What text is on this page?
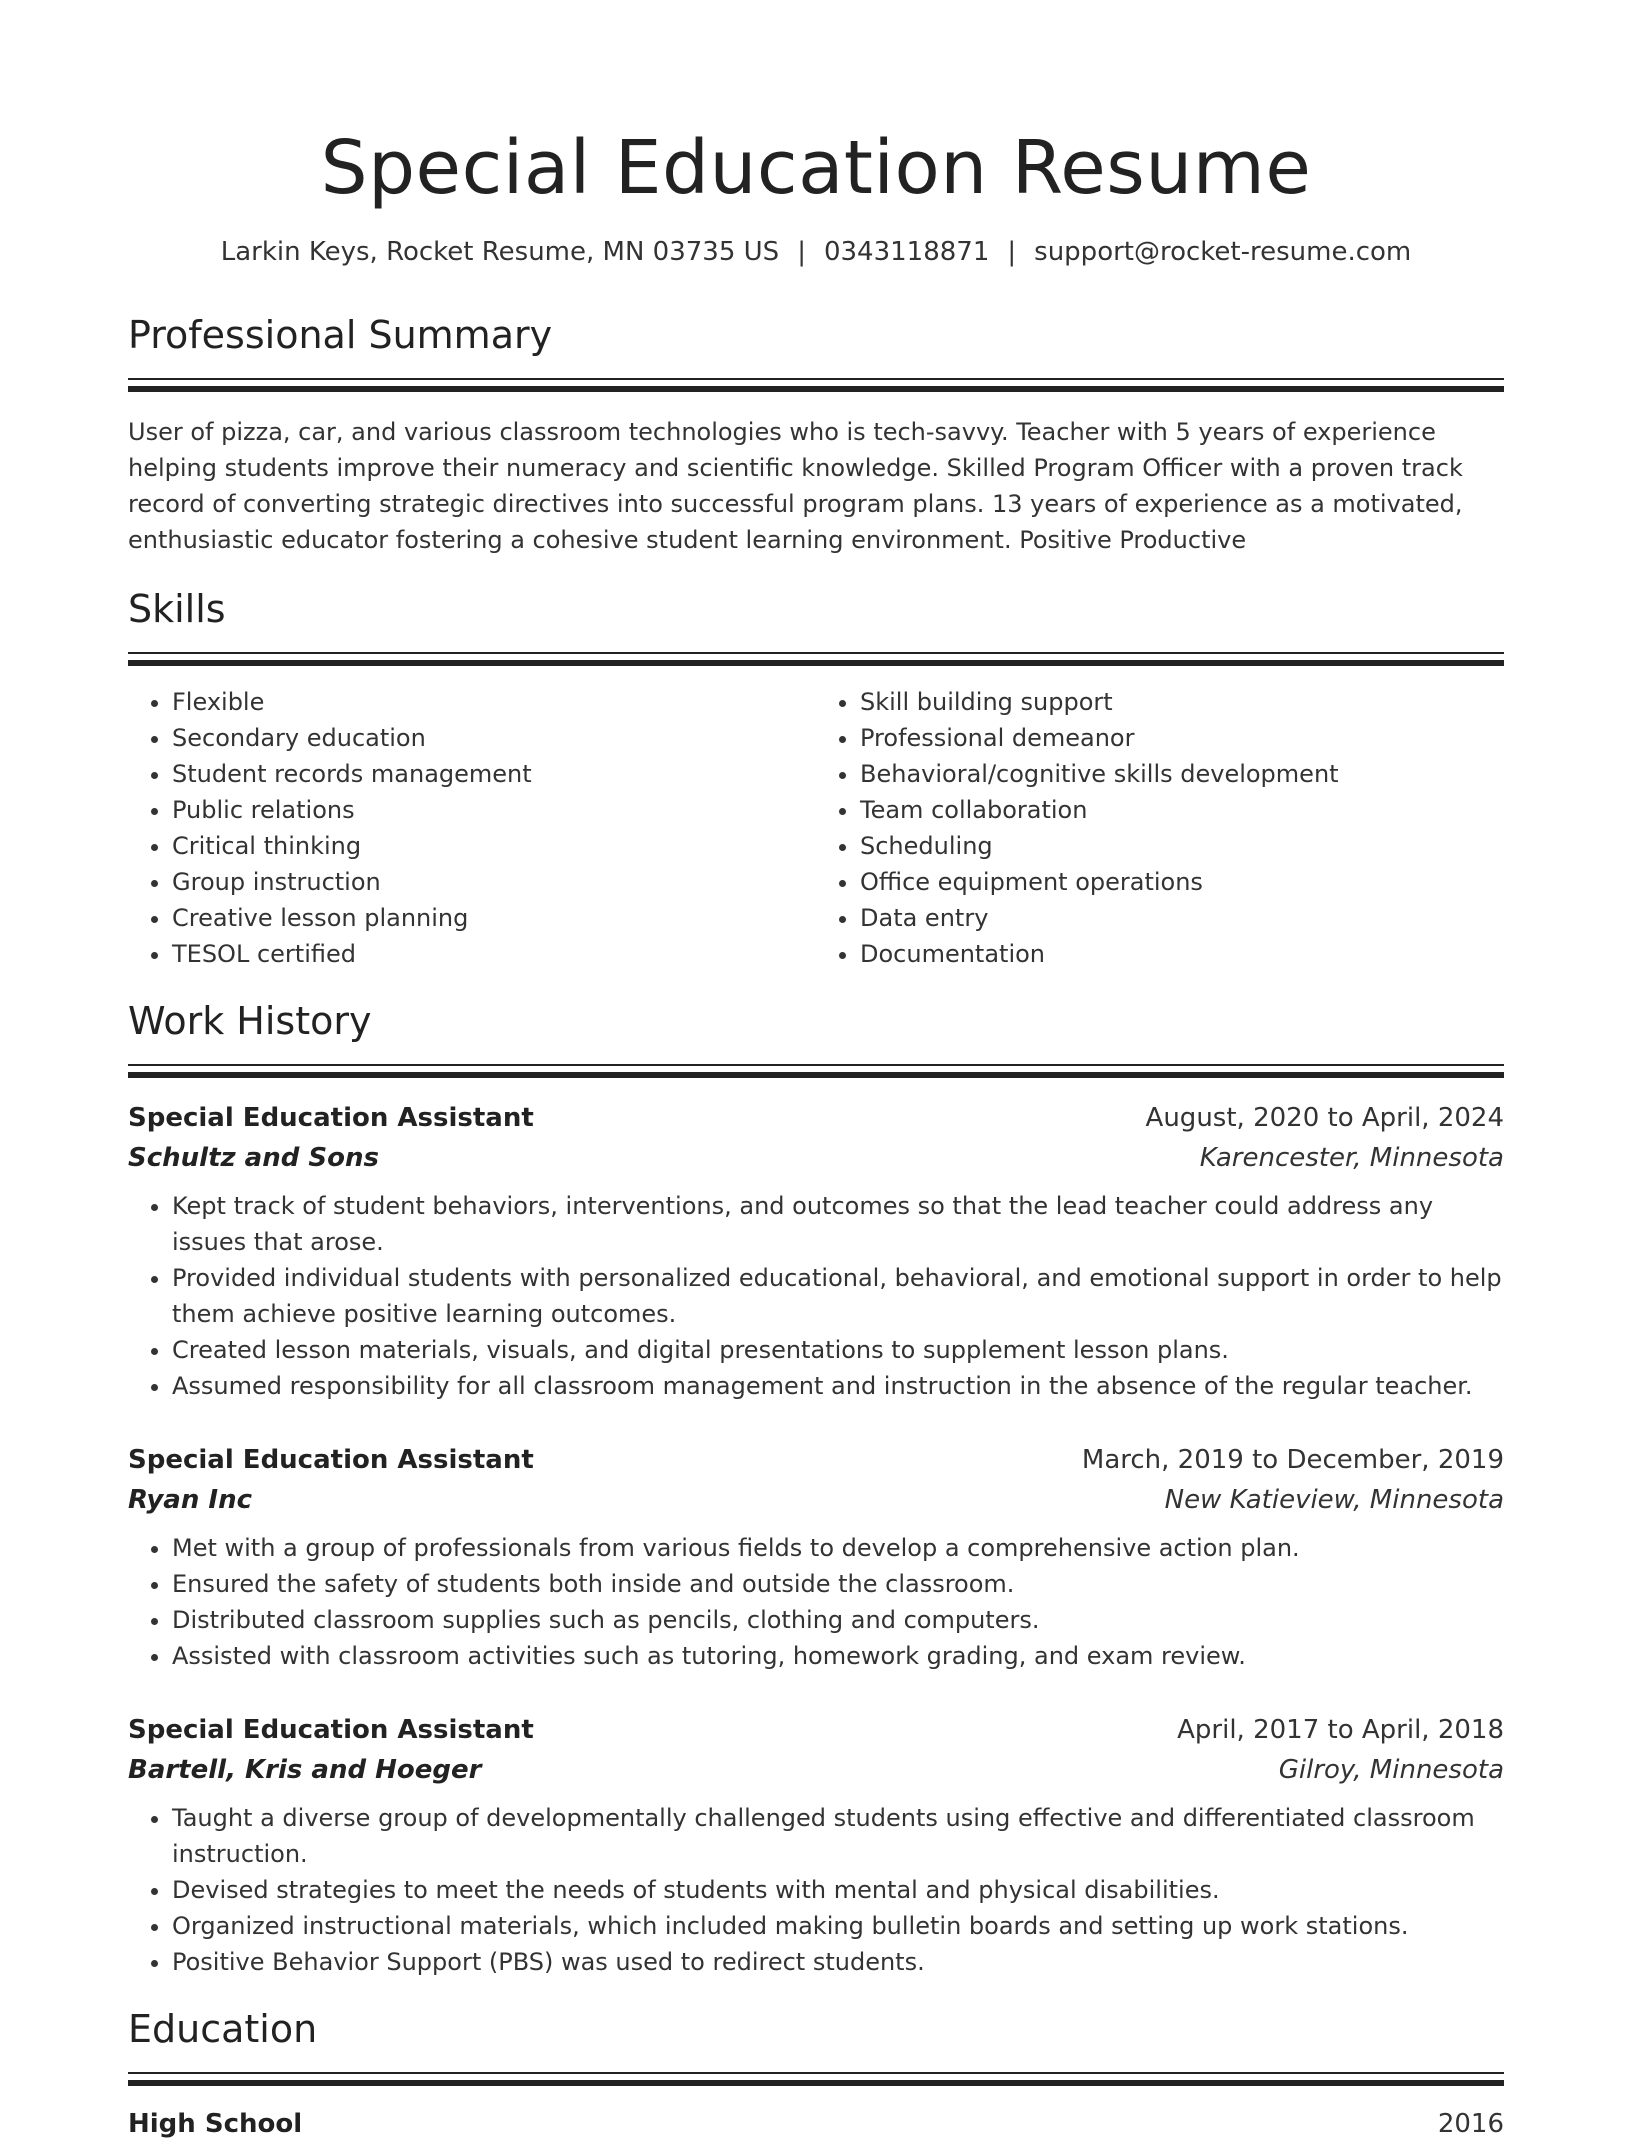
Special Education Resume
Larkin Keys, Rocket Resume, MN 03735 US | 0343118871 | support@rocket-resume.com
Professional Summary
User of pizza, car, and various classroom technologies who is tech-savvy. Teacher with 5 years of experience helping students improve their numeracy and scientific knowledge. Skilled Program Officer with a proven track record of converting strategic directives into successful program plans. 13 years of experience as a motivated, enthusiastic educator fostering a cohesive student learning environment. Positive Productive
Skills
• Flexible
• Secondary education
• Student records management
• Public relations
• Critical thinking
• Group instruction
• Creative lesson planning
• TESOL certified
• Skill building support
• Professional demeanor
• Behavioral/cognitive skills development
• Team collaboration
• Scheduling
• Office equipment operations
• Data entry
• Documentation
Work History
Special Education Assistant	August, 2020 to April, 2024
Schultz and Sons	Karencester, Minnesota
• Kept track of student behaviors, interventions, and outcomes so that the lead teacher could address any issues that arose.
• Provided individual students with personalized educational, behavioral, and emotional support in order to help them achieve positive learning outcomes.
• Created lesson materials, visuals, and digital presentations to supplement lesson plans.
• Assumed responsibility for all classroom management and instruction in the absence of the regular teacher.
Special Education Assistant	March, 2019 to December, 2019
Ryan Inc	New Katieview, Minnesota
• Met with a group of professionals from various fields to develop a comprehensive action plan.
• Ensured the safety of students both inside and outside the classroom.
• Distributed classroom supplies such as pencils, clothing and computers.
• Assisted with classroom activities such as tutoring, homework grading, and exam review.
Special Education Assistant	April, 2017 to April, 2018
Bartell, Kris and Hoeger	Gilroy, Minnesota
• Taught a diverse group of developmentally challenged students using effective and differentiated classroom instruction.
• Devised strategies to meet the needs of students with mental and physical disabilities.
• Organized instructional materials, which included making bulletin boards and setting up work stations.
• Positive Behavior Support (PBS) was used to redirect students.
Education
High School	2016
